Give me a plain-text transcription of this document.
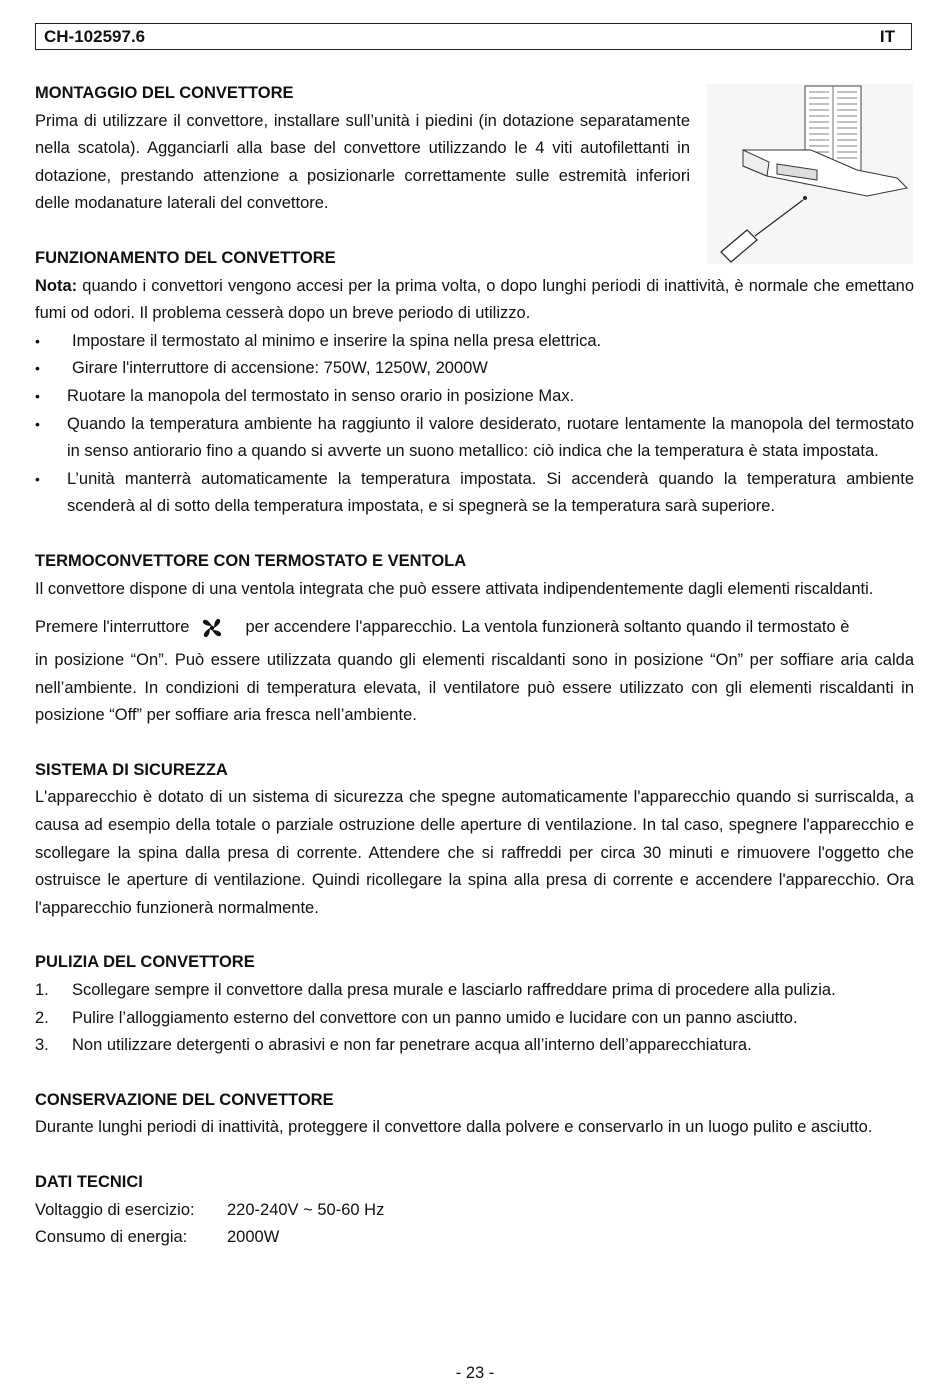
CH-102597.6	IT
MONTAGGIO DEL CONVETTORE

Prima di utilizzare il convettore, installare sull’unità i piedini (in dotazione separatamente nella scatola). Agganciarli alla base del convettore utilizzando le 4 viti autofilettanti in dotazione, prestando attenzione a posizionarle correttamente sulle estremità inferiori delle modanature laterali del convettore.

FUNZIONAMENTO DEL CONVETTORE

Nota: quando i convettori vengono accesi per la prima volta, o dopo lunghi periodi di inattività, è normale che emettano fumi od odori. Il problema cesserà dopo un breve periodo di utilizzo.

• Impostare il termostato al minimo e inserire la spina nella presa elettrica.
• Girare l'interruttore di accensione: 750W, 1250W, 2000W
• Ruotare la manopola del termostato in senso orario in posizione Max.
• Quando la temperatura ambiente ha raggiunto il valore desiderato, ruotare lentamente la manopola del termostato in senso antiorario fino a quando si avverte un suono metallico: ciò indica che la temperatura è stata impostata.
• L’unità manterrà automaticamente la temperatura impostata. Si accenderà quando la temperatura ambiente scenderà al di sotto della temperatura impostata, e si spegnerà se la temperatura sarà superiore.
TERMOCONVETTORE CON TERMOSTATO E VENTOLA

Il convettore dispone di una ventola integrata che può essere attivata indipendentemente dagli elementi riscaldanti.

Premere l'interruttore	per accendere l'apparecchio. La ventola funzionerà soltanto quando il termostato è

in posizione “On”. Può essere utilizzata quando gli elementi riscaldanti sono in posizione “On” per soffiare aria calda nell’ambiente. In condizioni di temperatura elevata, il ventilatore può essere utilizzato con gli elementi riscaldanti in posizione “Off” per soffiare aria fresca nell’ambiente.

SISTEMA DI SICUREZZA

L'apparecchio è dotato di un sistema di sicurezza che spegne automaticamente l'apparecchio quando si surriscalda, a causa ad esempio della totale o parziale ostruzione delle aperture di ventilazione. In tal caso, spegnere l'apparecchio e scollegare la spina dalla presa di corrente. Attendere che si raffreddi per circa 30 minuti e rimuovere l'oggetto che ostruisce le aperture di ventilazione. Quindi ricollegare la spina alla presa di corrente e accendere l'apparecchio. Ora l'apparecchio funzionerà normalmente.

PULIZIA DEL CONVETTORE
1. Scollegare sempre il convettore dalla presa murale e lasciarlo raffreddare prima di procedere alla pulizia.
2. Pulire l’alloggiamento esterno del convettore con un panno umido e lucidare con un panno asciutto.
3. Non utilizzare detergenti o abrasivi e non far penetrare acqua all’interno dell’apparecchiatura.
CONSERVAZIONE DEL CONVETTORE

Durante lunghi periodi di inattività, proteggere il convettore dalla polvere e conservarlo in un luogo pulito e asciutto.

DATI TECNICI
Voltaggio di esercizio:	220-240V ~ 50-60 Hz
Consumo di energia:	2000W
- 23 -
